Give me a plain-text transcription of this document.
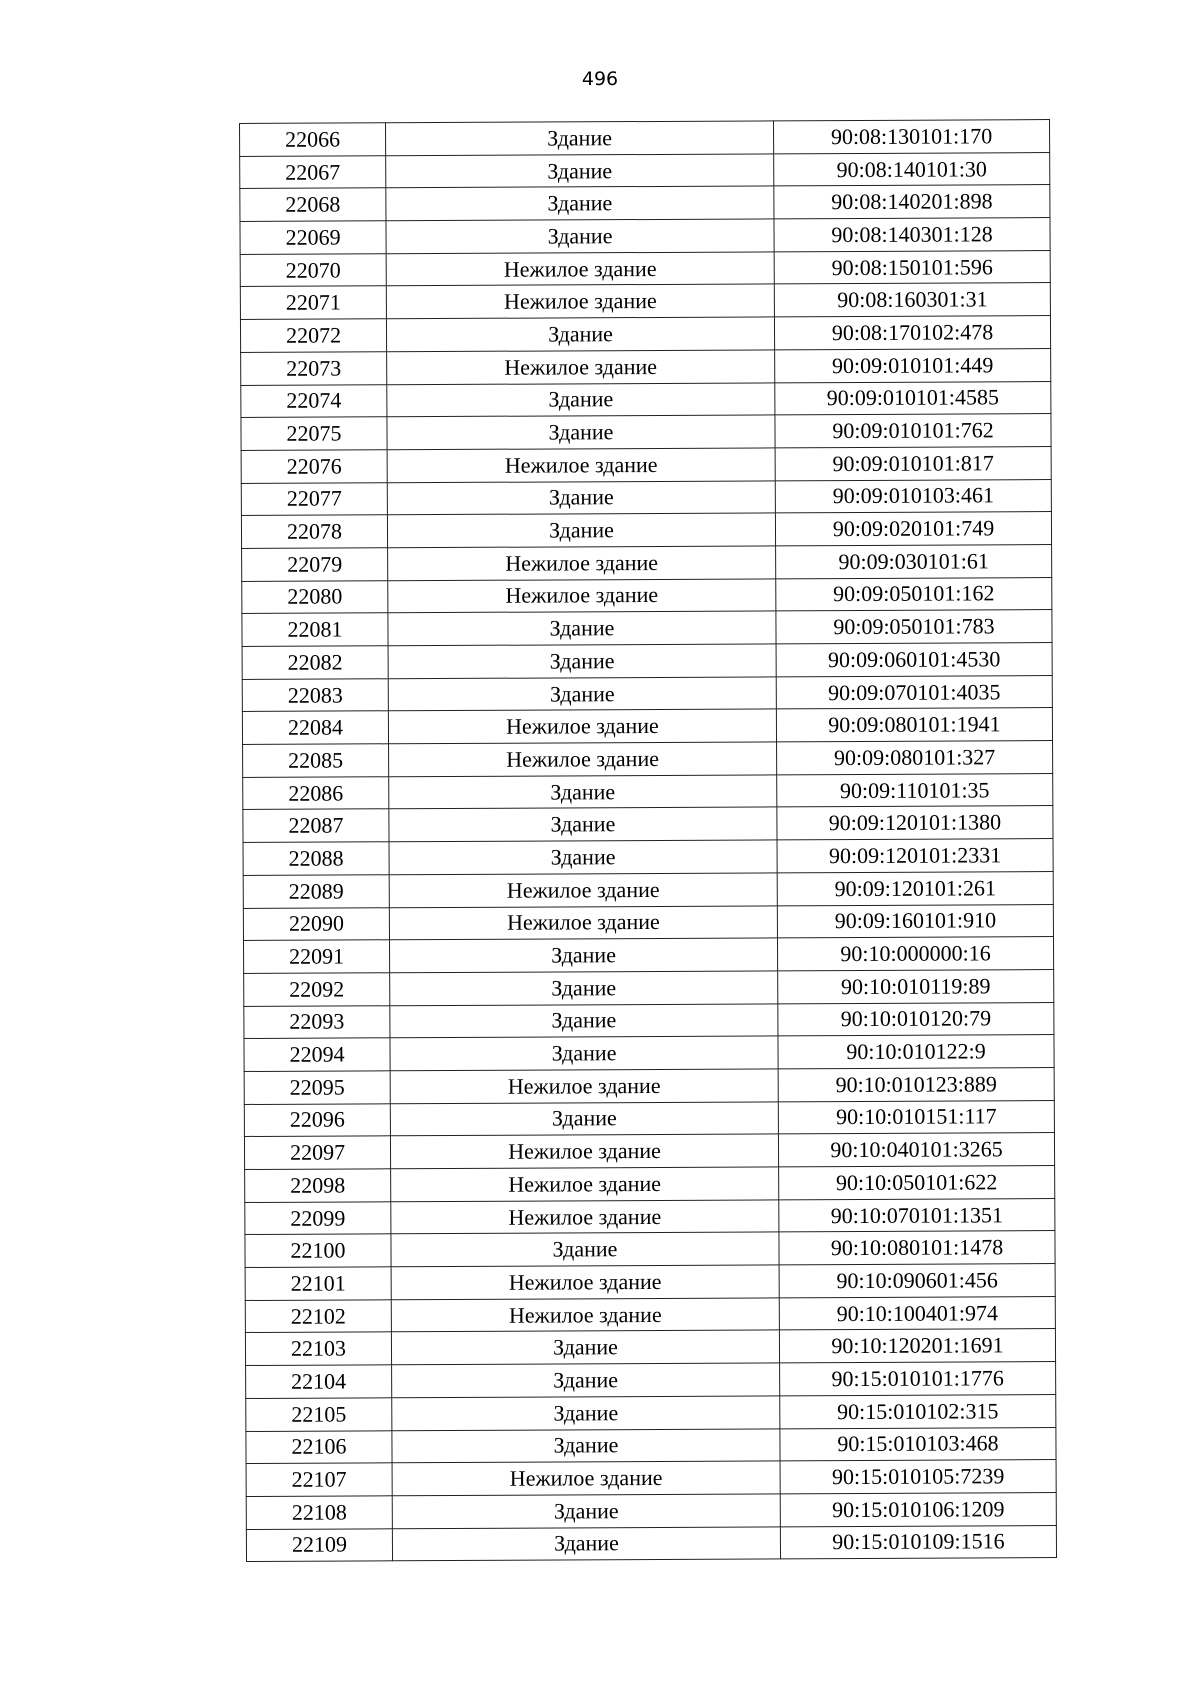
496
22066	Здание	90:08:130101:170
22067	Здание	90:08:140101:30
22068	Здание	90:08:140201:898
22069	Здание	90:08:140301:128
22070	Нежилое здание	90:08:150101:596
22071	Нежилое здание	90:08:160301:31
22072	Здание	90:08:170102:478
22073	Нежилое здание	90:09:010101:449
22074	Здание	90:09:010101:4585
22075	Здание	90:09:010101:762
22076	Нежилое здание	90:09:010101:817
22077	Здание	90:09:010103:461
22078	Здание	90:09:020101:749
22079	Нежилое здание	90:09:030101:61
22080	Нежилое здание	90:09:050101:162
22081	Здание	90:09:050101:783
22082	Здание	90:09:060101:4530
22083	Здание	90:09:070101:4035
22084	Нежилое здание	90:09:080101:1941
22085	Нежилое здание	90:09:080101:327
22086	Здание	90:09:110101:35
22087	Здание	90:09:120101:1380
22088	Здание	90:09:120101:2331
22089	Нежилое здание	90:09:120101:261
22090	Нежилое здание	90:09:160101:910
22091	Здание	90:10:000000:16
22092	Здание	90:10:010119:89
22093	Здание	90:10:010120:79
22094	Здание	90:10:010122:9
22095	Нежилое здание	90:10:010123:889
22096	Здание	90:10:010151:117
22097	Нежилое здание	90:10:040101:3265
22098	Нежилое здание	90:10:050101:622
22099	Нежилое здание	90:10:070101:1351
22100	Здание	90:10:080101:1478
22101	Нежилое здание	90:10:090601:456
22102	Нежилое здание	90:10:100401:974
22103	Здание	90:10:120201:1691
22104	Здание	90:15:010101:1776
22105	Здание	90:15:010102:315
22106	Здание	90:15:010103:468
22107	Нежилое здание	90:15:010105:7239
22108	Здание	90:15:010106:1209
22109	Здание	90:15:010109:1516
